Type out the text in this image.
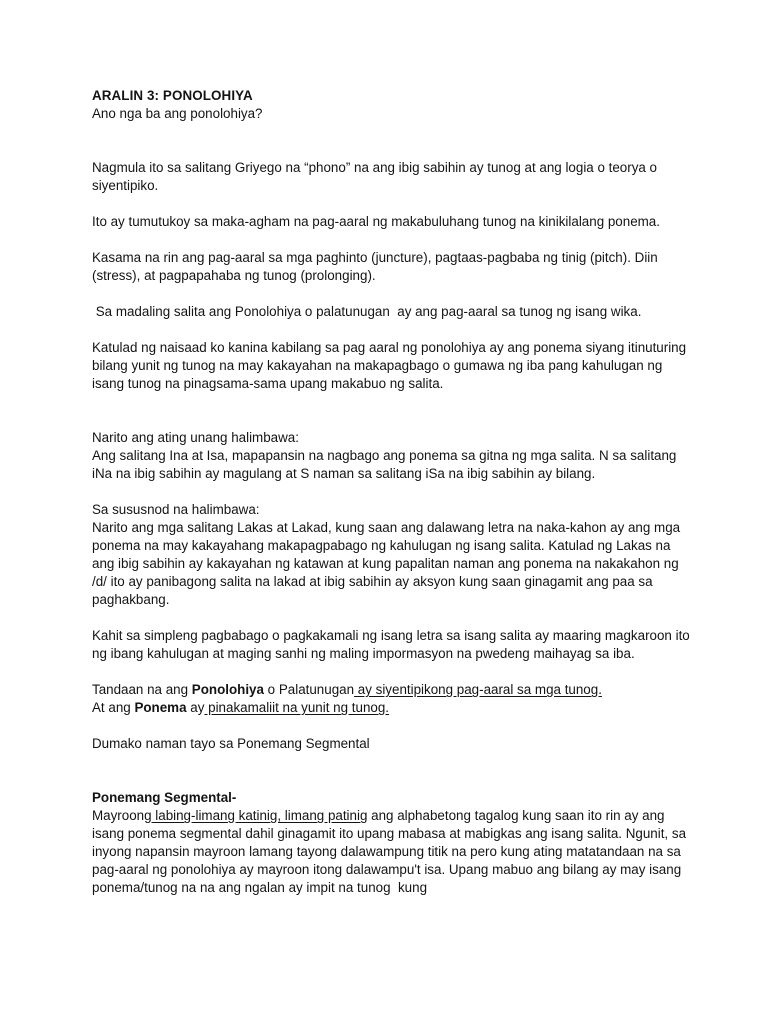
ARALIN 3: PONOLOHIYA

Ano nga ba ang ponolohiya?

Nagmula ito sa salitang Griyego na “phono” na ang ibig sabihin ay tunog at ang logia o teorya o siyentipiko.

Ito ay tumutukoy sa maka-agham na pag-aaral ng makabuluhang tunog na kinikilalang ponema.

Kasama na rin ang pag-aaral sa mga paghinto (juncture), pagtaas-pagbaba ng tinig (pitch). Diin (stress), at pagpapahaba ng tunog (prolonging).

Sa madaling salita ang Ponolohiya o palatunugan  ay ang pag-aaral sa tunog ng isang wika.

Katulad ng naisaad ko kanina kabilang sa pag aaral ng ponolohiya ay ang ponema siyang itinuturing bilang yunit ng tunog na may kakayahan na makapagbago o gumawa ng iba pang kahulugan ng isang tunog na pinagsama-sama upang makabuo ng salita.

Narito ang ating unang halimbawa:

Ang salitang Ina at Isa, mapapansin na nagbago ang ponema sa gitna ng mga salita. N sa salitang iNa na ibig sabihin ay magulang at S naman sa salitang iSa na ibig sabihin ay bilang.

Sa sususnod na halimbawa:

Narito ang mga salitang Lakas at Lakad, kung saan ang dalawang letra na naka-kahon ay ang mga ponema na may kakayahang makapagpabago ng kahulugan ng isang salita. Katulad ng Lakas na ang ibig sabihin ay kakayahan ng katawan at kung papalitan naman ang ponema na nakakahon ng /d/ ito ay panibagong salita na lakad at ibig sabihin ay aksyon kung saan ginagamit ang paa sa paghakbang.

Kahit sa simpleng pagbabago o pagkakamali ng isang letra sa isang salita ay maaring magkaroon ito ng ibang kahulugan at maging sanhi ng maling impormasyon na pwedeng maihayag sa iba.

Tandaan na ang Ponolohiya o Palatunugan ay siyentipikong pag-aaral sa mga tunog.

At ang Ponema ay pinakamaliit na yunit ng tunog.

Dumako naman tayo sa Ponemang Segmental

Ponemang Segmental-

Mayroong labing-limang katinig, limang patinig ang alphabetong tagalog kung saan ito rin ay ang isang ponema segmental dahil ginagamit ito upang mabasa at mabigkas ang isang salita. Ngunit, sa inyong napansin mayroon lamang tayong dalawampung titik na pero kung ating matatandaan na sa pag-aaral ng ponolohiya ay mayroon itong dalawampu't isa. Upang mabuo ang bilang ay may isang ponema/tunog na na ang ngalan ay impit na tunog  kung
